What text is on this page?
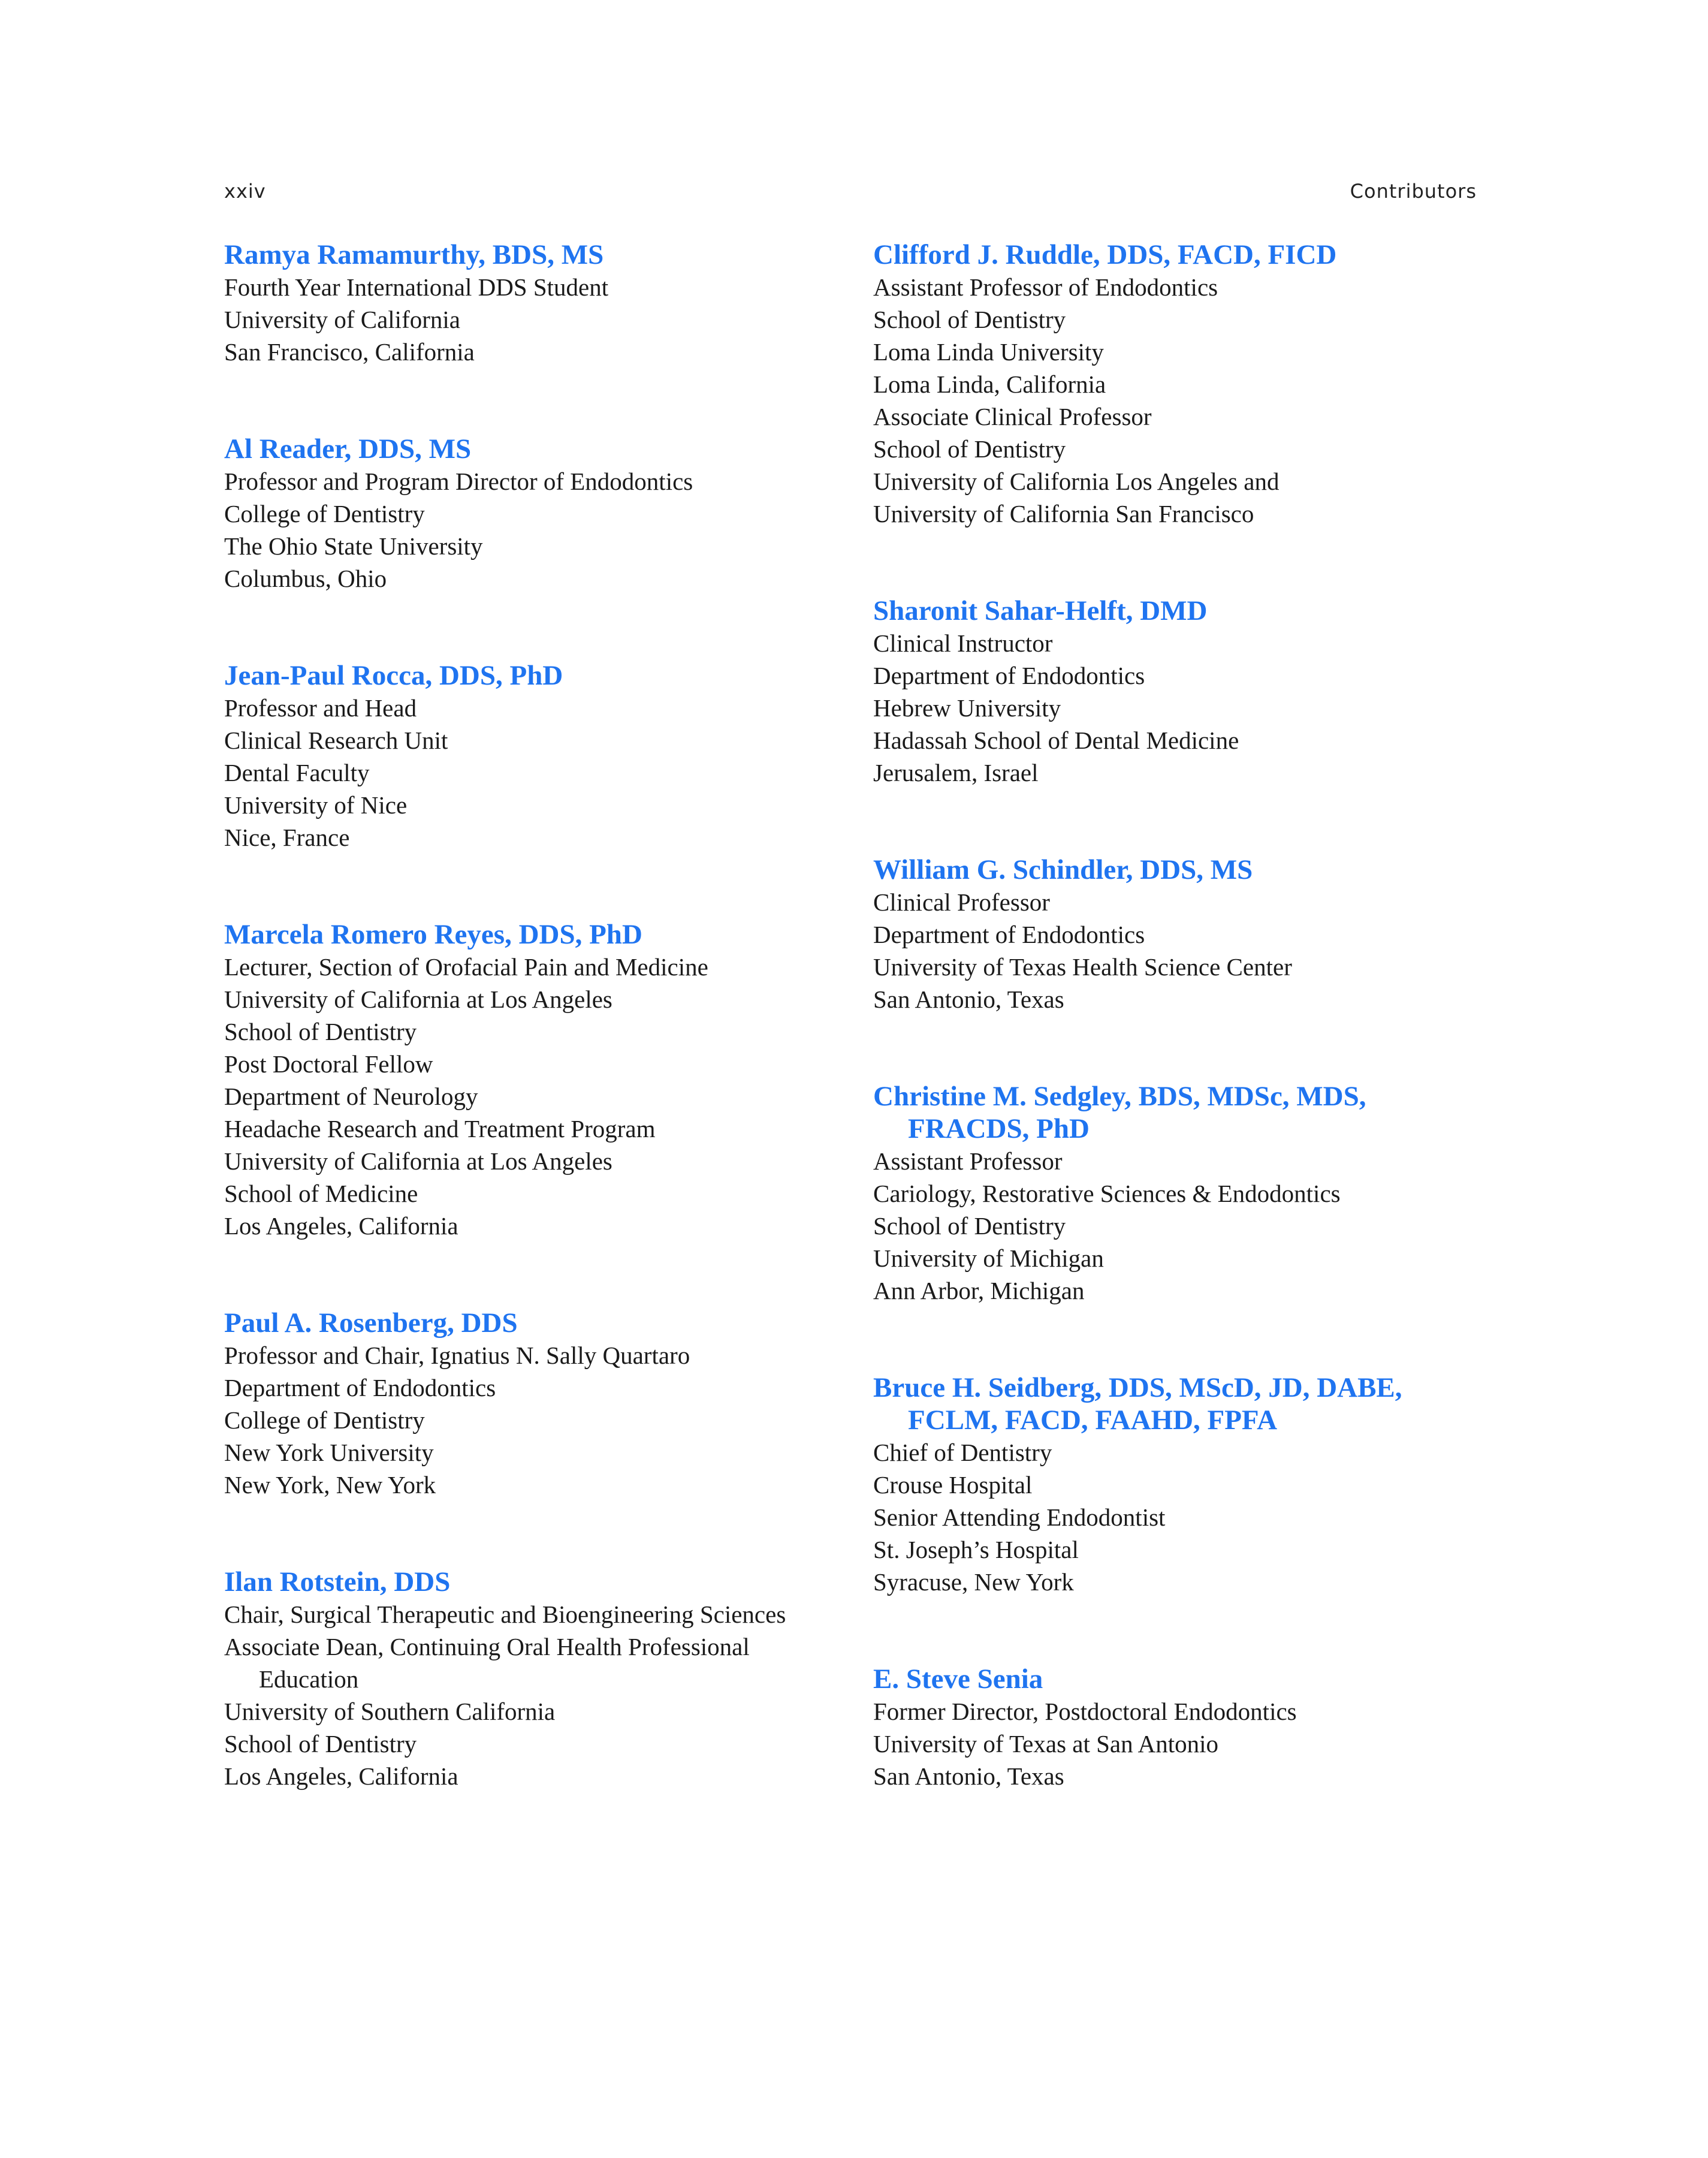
xxiv	Contributors
Ramya Ramamurthy, BDS, MS
Fourth Year International DDS Student
University of California
San Francisco, California
Al Reader, DDS, MS
Professor and Program Director of Endodontics
College of Dentistry
The Ohio State University
Columbus, Ohio
Jean-Paul Rocca, DDS, PhD
Professor and Head
Clinical Research Unit
Dental Faculty
University of Nice
Nice, France
Marcela Romero Reyes, DDS, PhD
Lecturer, Section of Orofacial Pain and Medicine
University of California at Los Angeles
School of Dentistry
Post Doctoral Fellow
Department of Neurology
Headache Research and Treatment Program
University of California at Los Angeles
School of Medicine
Los Angeles, California
Paul A. Rosenberg, DDS
Professor and Chair, Ignatius N. Sally Quartaro
Department of Endodontics
College of Dentistry
New York University
New York, New York
Ilan Rotstein, DDS
Chair, Surgical Therapeutic and Bioengineering Sciences
Associate Dean, Continuing Oral Health Professional Education
University of Southern California
School of Dentistry
Los Angeles, California
Clifford J. Ruddle, DDS, FACD, FICD
Assistant Professor of Endodontics
School of Dentistry
Loma Linda University
Loma Linda, California
Associate Clinical Professor
School of Dentistry
University of California Los Angeles and
University of California San Francisco
Sharonit Sahar-Helft, DMD
Clinical Instructor
Department of Endodontics
Hebrew University
Hadassah School of Dental Medicine
Jerusalem, Israel
William G. Schindler, DDS, MS
Clinical Professor
Department of Endodontics
University of Texas Health Science Center
San Antonio, Texas
Christine M. Sedgley, BDS, MDSc, MDS, FRACDS, PhD
Assistant Professor
Cariology, Restorative Sciences & Endodontics
School of Dentistry
University of Michigan
Ann Arbor, Michigan
Bruce H. Seidberg, DDS, MScD, JD, DABE, FCLM, FACD, FAAHD, FPFA
Chief of Dentistry
Crouse Hospital
Senior Attending Endodontist
St. Joseph’s Hospital
Syracuse, New York
E. Steve Senia
Former Director, Postdoctoral Endodontics
University of Texas at San Antonio
San Antonio, Texas
